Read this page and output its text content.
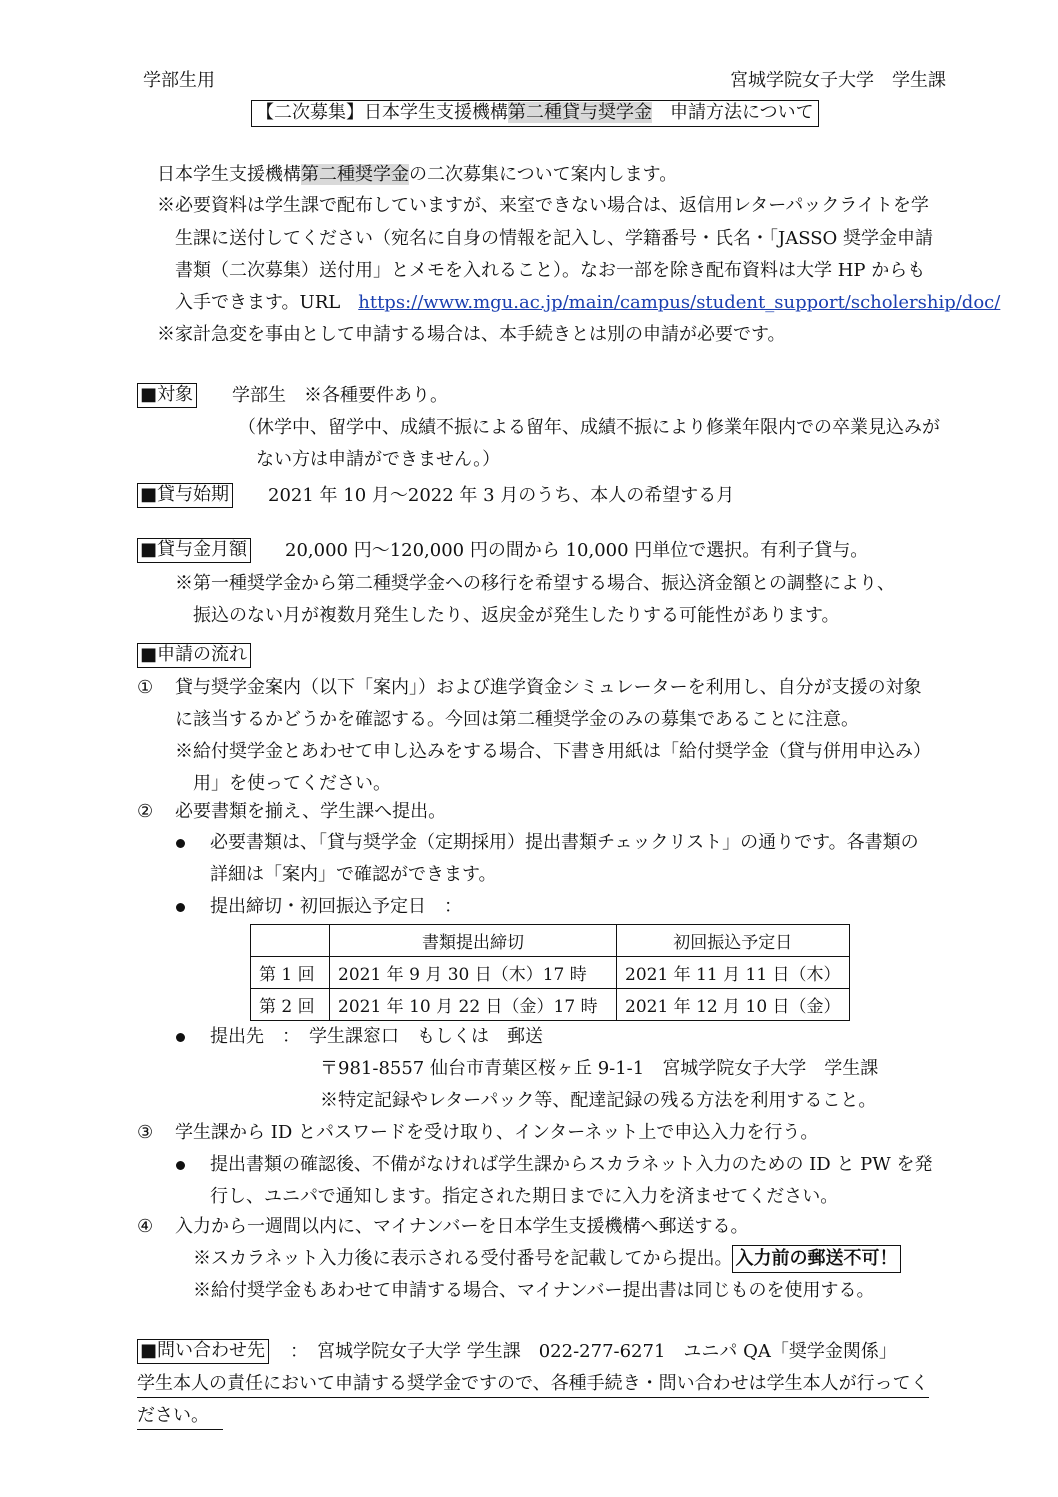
学部生用	宮城学院女子大学　学生課
【二次募集】日本学生支援機構第二種貸与奨学金　申請方法について
日本学生支援機構第二種奨学金の二次募集について案内します。
※必要資料は学生課で配布していますが、来室できない場合は、返信用レターパックライトを学
生課に送付してください（宛名に自身の情報を記入し、学籍番号・氏名・「JASSO 奨学金申請
書類（二次募集）送付用」とメモを入れること）。なお一部を除き配布資料は大学 HP からも
入手できます。URL　https://www.mgu.ac.jp/main/campus/student_support/scholership/doc/
※家計急変を事由として申請する場合は、本手続きとは別の申請が必要です。
■対象 学部生　※各種要件あり。
（休学中、留学中、成績不振による留年、成績不振により修業年限内での卒業見込みが
ない方は申請ができません。）
■貸与始期 2021 年 10 月～2022 年 3 月のうち、本人の希望する月
■貸与金月額 20,000 円～120,000 円の間から 10,000 円単位で選択。有利子貸与。
※第一種奨学金から第二種奨学金への移行を希望する場合、振込済金額との調整により、
振込のない月が複数月発生したり、返戻金が発生したりする可能性があります。
■申請の流れ
① 貸与奨学金案内（以下「案内」）および進学資金シミュレーターを利用し、自分が支援の対象
に該当するかどうかを確認する。今回は第二種奨学金のみの募集であることに注意。
※給付奨学金とあわせて申し込みをする場合、下書き用紙は「給付奨学金（貸与併用申込み）
用」を使ってください。
② 必要書類を揃え、学生課へ提出。
必要書類は、「貸与奨学金（定期採用）提出書類チェックリスト」の通りです。各書類の
詳細は「案内」で確認ができます。
提出締切・初回振込予定日　：
	書類提出締切	初回振込予定日
第 1 回	2021 年 9 月 30 日（木）17 時	2021 年 11 月 11 日（木）
第 2 回	2021 年 10 月 22 日（金）17 時	2021 年 12 月 10 日（金）
提出先　：　学生課窓口　もしくは　郵送
〒981-8557 仙台市青葉区桜ヶ丘 9-1-1　宮城学院女子大学　学生課
※特定記録やレターパック等、配達記録の残る方法を利用すること。
③ 学生課から ID とパスワードを受け取り、インターネット上で申込入力を行う。
提出書類の確認後、不備がなければ学生課からスカラネット入力のための ID と PW を発
行し、ユニパで通知します。指定された期日までに入力を済ませてください。
④ 入力から一週間以内に、マイナンバーを日本学生支援機構へ郵送する。
※スカラネット入力後に表示される受付番号を記載してから提出。 入力前の郵送不可！
※給付奨学金もあわせて申請する場合、マイナンバー提出書は同じものを使用する。
■問い合わせ先 ：　宮城学院女子大学 学生課　022-277-6271　ユニパ QA「奨学金関係」
学生本人の責任において申請する奨学金ですので、各種手続き・問い合わせは学生本人が行ってく
ださい。
